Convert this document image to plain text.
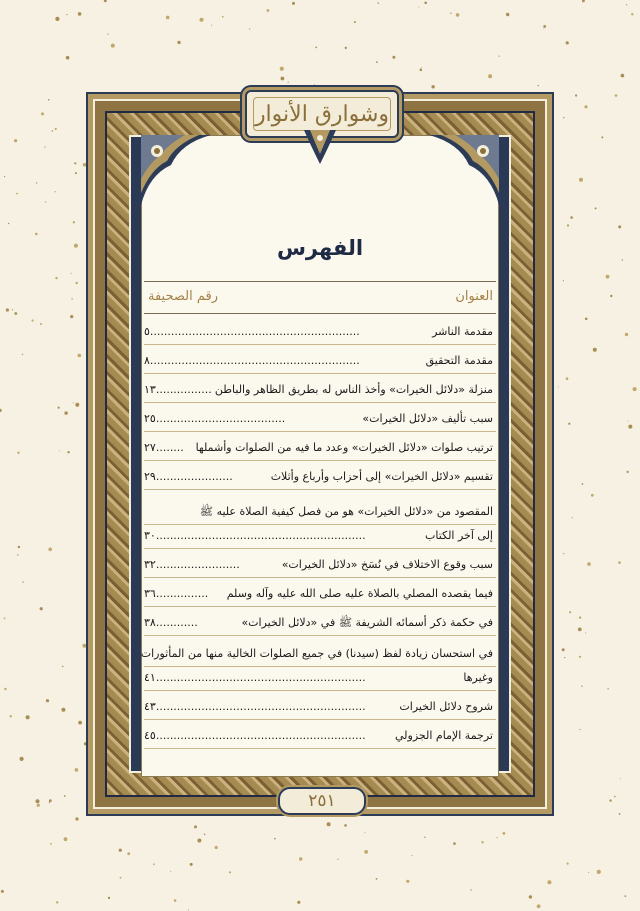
وشوارق الأنوار
الفهرس
العنوان
رقم الصحيفة
مقدمة الناشر
٥............................................................
مقدمة التحقيق
٨............................................................
منزلة «دلائل الخيرات» وأخذ الناس له بطريق الظاهر والباطن
١٣................
سبب تأليف «دلائل الخيرات»
٢٥.....................................
ترتيب صلوات «دلائل الخيرات» وعدد ما فيه من الصلوات وأشملها
٢٧........
تقسيم «دلائل الخيرات» إلى أحزاب وأرباع وأثلاث
٢٩......................
المقصود من «دلائل الخيرات» هو من فصل كيفية الصلاة عليه ﷺ
إلى آخر الكتاب
٣٠............................................................
سبب وقوع الاختلاف في نُسَخ «دلائل الخيرات»
٣٢........................
فيما يقصده المصلي بالصلاة عليه صلى الله عليه وآله وسلم
٣٦...............
في حكمة ذكر أسمائه الشريفة ﷺ في «دلائل الخيرات»
٣٨............
في استحسان زيادة لفظ (سيدنا) في جميع الصلوات الخالية منها من المأثورات
وغيرها
٤١............................................................
شروح دلائل الخيرات
٤٣............................................................
ترجمة الإمام الجزولي
٤٥............................................................
٢٥١
